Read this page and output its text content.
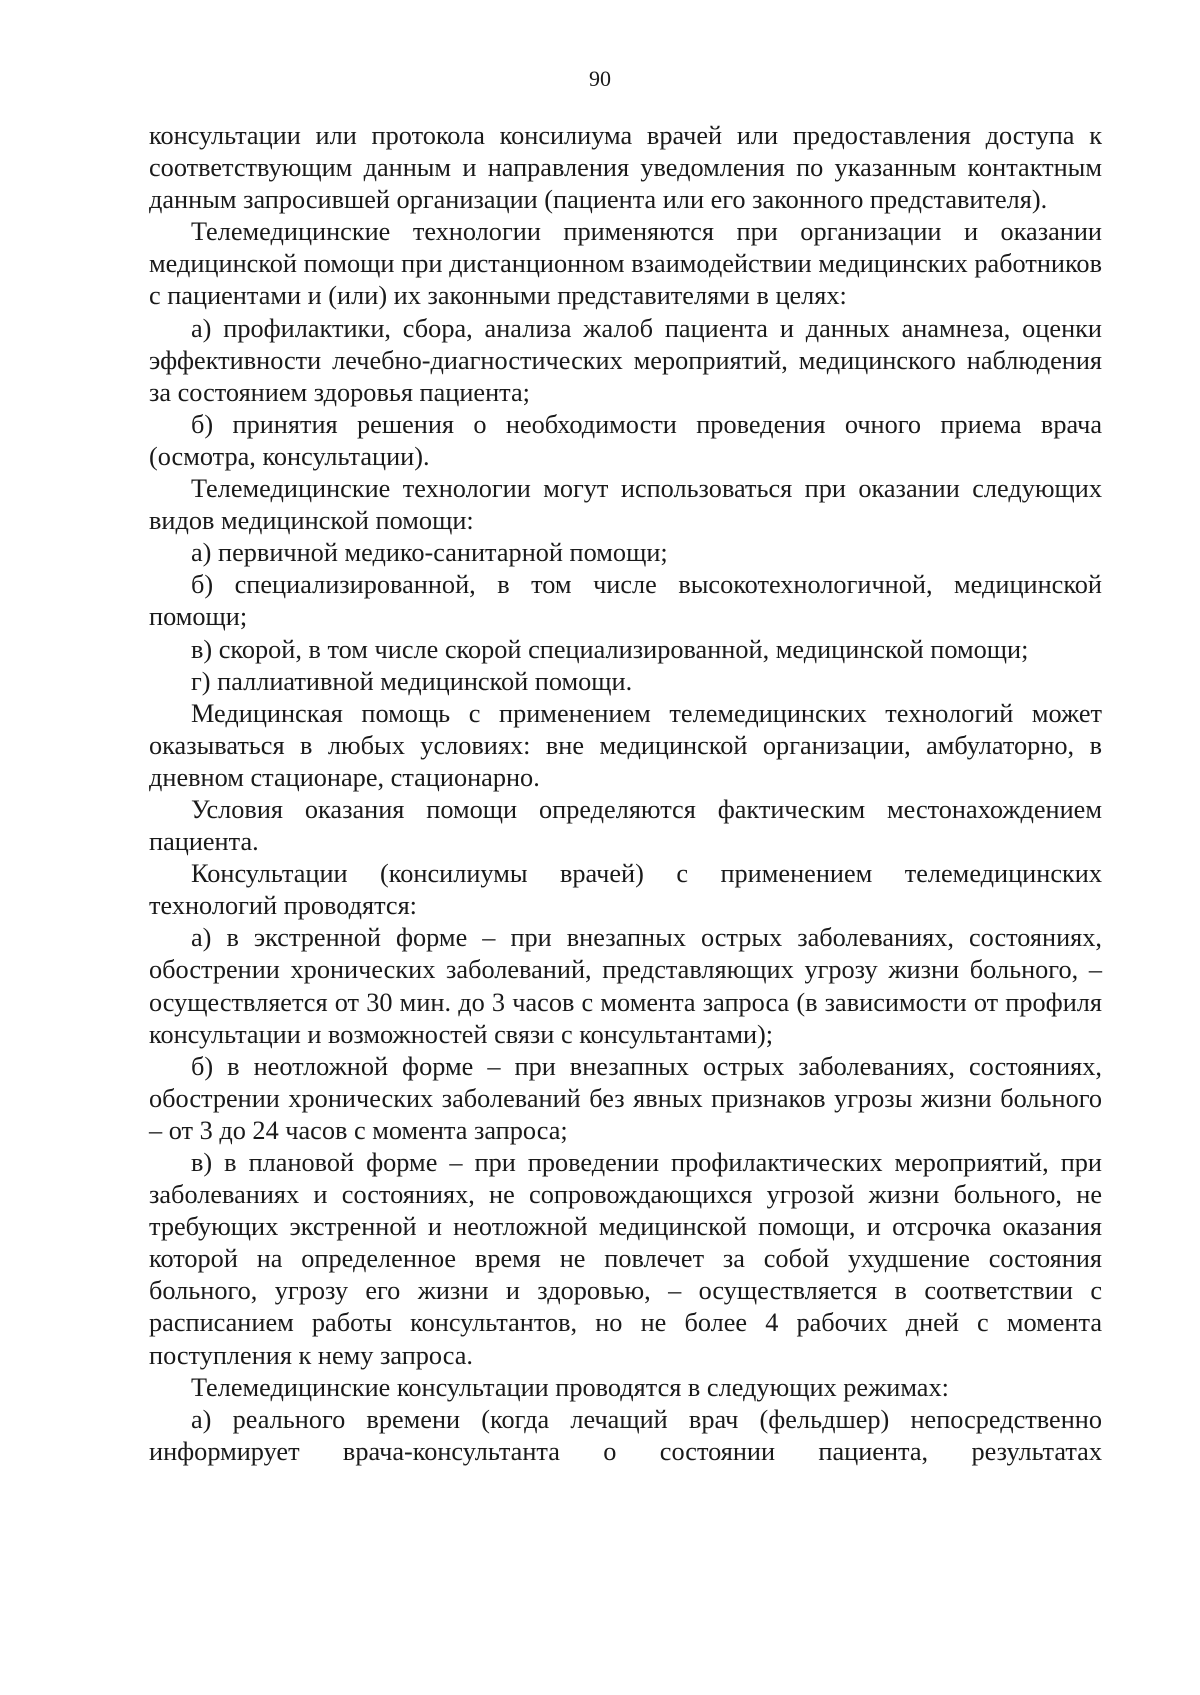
90

консультации или протокола консилиума врачей или предоставления доступа к соответствующим данным и направления уведомления по указанным контактным данным запросившей организации (пациента или его законного представителя).

Телемедицинские технологии применяются при организации и оказании медицинской помощи при дистанционном взаимодействии медицинских работников с пациентами и (или) их законными представителями в целях:

а) профилактики, сбора, анализа жалоб пациента и данных анамнеза, оценки эффективности лечебно-диагностических мероприятий, медицинского наблюдения за состоянием здоровья пациента;

б) принятия решения о необходимости проведения очного приема врача (осмотра, консультации).

Телемедицинские технологии могут использоваться при оказании следующих видов медицинской помощи:

а) первичной медико-санитарной помощи;

б) специализированной, в том числе высокотехнологичной, медицинской помощи;

в) скорой, в том числе скорой специализированной, медицинской помощи;

г) паллиативной медицинской помощи.

Медицинская помощь с применением телемедицинских технологий может оказываться в любых условиях: вне медицинской организации, амбулаторно, в дневном стационаре, стационарно.

Условия оказания помощи определяются фактическим местонахождением пациента.

Консультации (консилиумы врачей) с применением телемедицинских технологий проводятся:

а) в экстренной форме – при внезапных острых заболеваниях, состояниях, обострении хронических заболеваний, представляющих угрозу жизни больного, – осуществляется от 30 мин. до 3 часов с момента запроса (в зависимости от профиля консультации и возможностей связи с консультантами);

б) в неотложной форме – при внезапных острых заболеваниях, состояниях, обострении хронических заболеваний без явных признаков угрозы жизни больного – от 3 до 24 часов с момента запроса;

в) в плановой форме – при проведении профилактических мероприятий, при заболеваниях и состояниях, не сопровождающихся угрозой жизни больного, не требующих экстренной и неотложной медицинской помощи, и отсрочка оказания которой на определенное время не повлечет за собой ухудшение состояния больного, угрозу его жизни и здоровью, – осуществляется в соответствии с расписанием работы консультантов, но не более 4 рабочих дней с момента поступления к нему запроса.

Телемедицинские консультации проводятся в следующих режимах:

а) реального времени (когда лечащий врач (фельдшер) непосредственно информирует врача-консультанта о состоянии пациента, результатах
